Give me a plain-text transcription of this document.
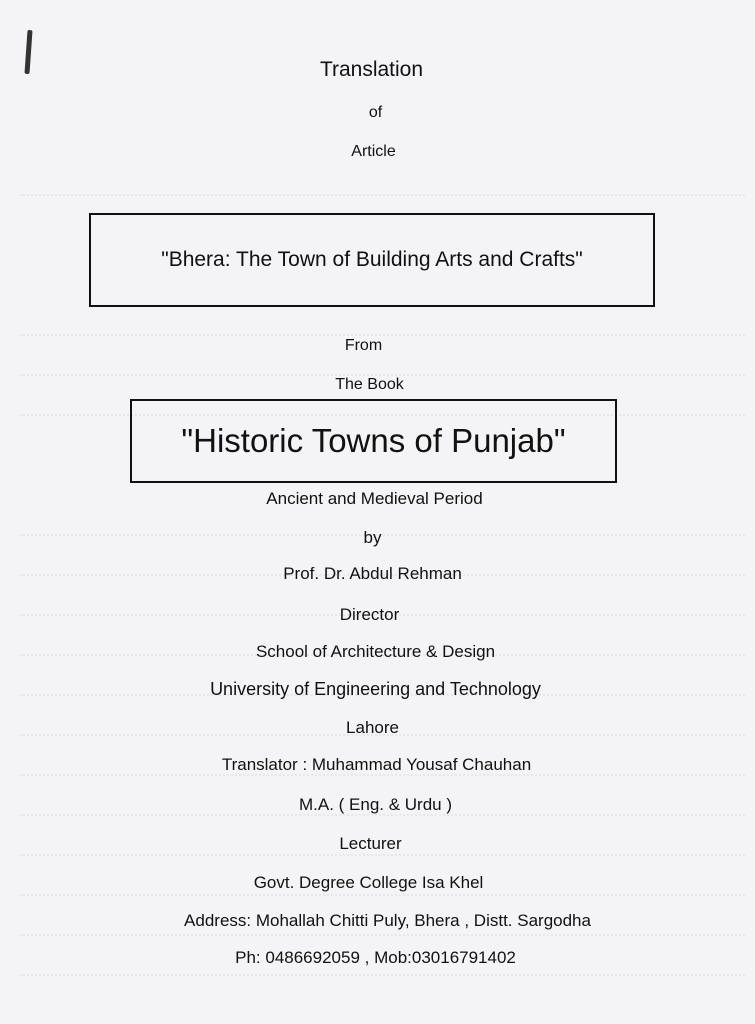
Translation
of
Article
"Bhera: The Town of Building Arts and Crafts"
From
The Book
"Historic Towns of Punjab"
Ancient and Medieval Period
by
Prof. Dr. Abdul Rehman
Director
School of Architecture & Design
University of Engineering and Technology
Lahore
Translator : Muhammad Yousaf Chauhan
M.A. ( Eng. & Urdu )
Lecturer
Govt. Degree College Isa Khel
Address: Mohallah Chitti Puly, Bhera , Distt. Sargodha
Ph: 0486692059 , Mob:03016791402
